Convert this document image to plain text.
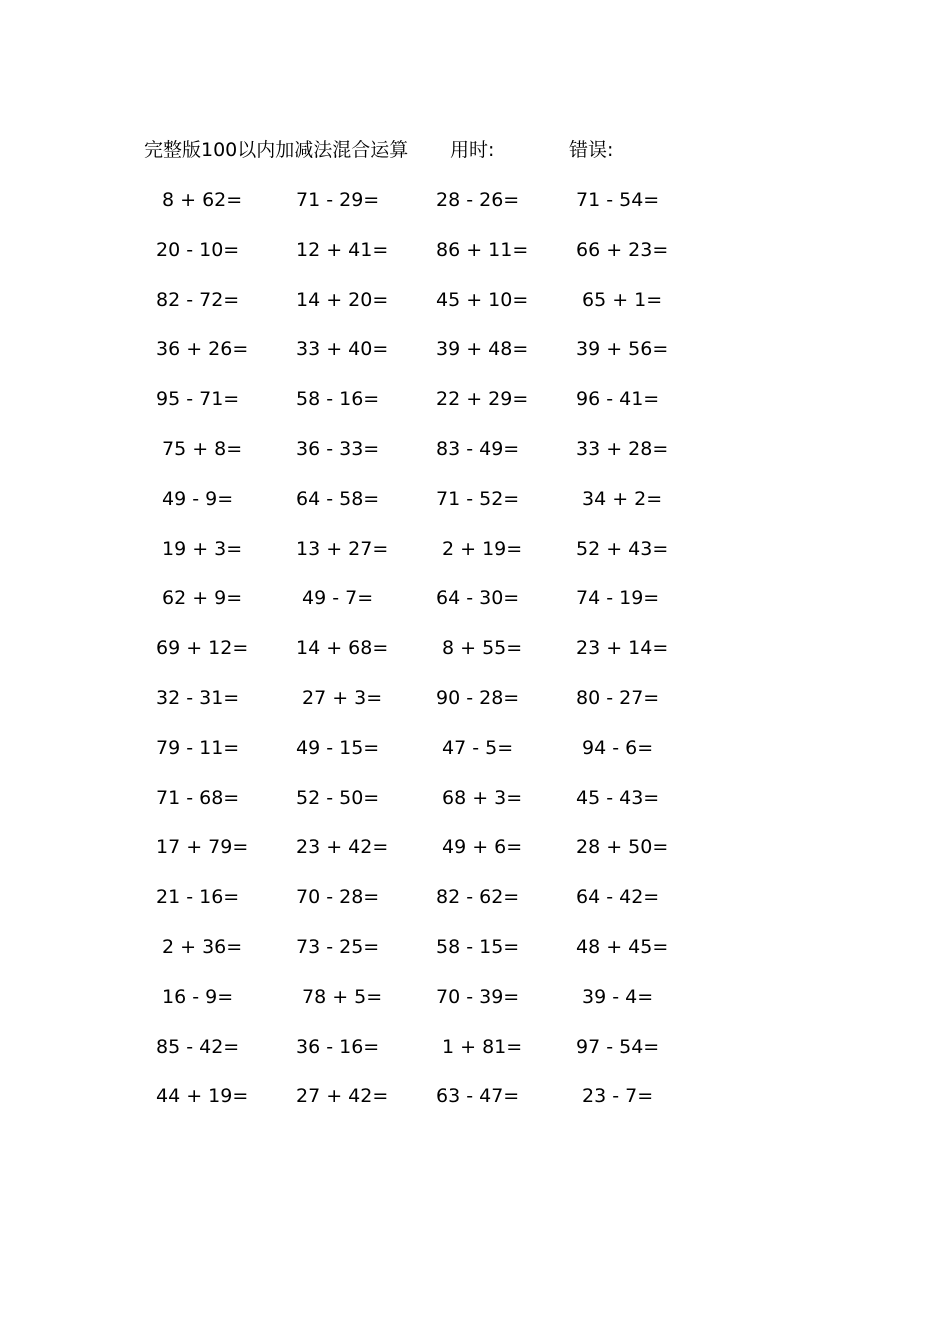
完整版100以内加减法混合运算 用时:	错误:
8 + 62=	71 - 29=	28 - 26=	71 - 54=
20 - 10=	12 + 41=	86 + 11=	66 + 23=
82 - 72=	14 + 20=	45 + 10=	65 + 1=
36 + 26=	33 + 40=	39 + 48=	39 + 56=
95 - 71=	58 - 16=	22 + 29=	96 - 41=
75 + 8=	36 - 33=	83 - 49=	33 + 28=
49 - 9=	64 - 58=	71 - 52=	34 + 2=
19 + 3=	13 + 27=	2 + 19=	52 + 43=
62 + 9=	49 - 7=	64 - 30=	74 - 19=
69 + 12=	14 + 68=	8 + 55=	23 + 14=
32 - 31=	27 + 3=	90 - 28=	80 - 27=
79 - 11=	49 - 15=	47 - 5=	94 - 6=
71 - 68=	52 - 50=	68 + 3=	45 - 43=
17 + 79=	23 + 42=	49 + 6=	28 + 50=
21 - 16=	70 - 28=	82 - 62=	64 - 42=
2 + 36=	73 - 25=	58 - 15=	48 + 45=
16 - 9=	78 + 5=	70 - 39=	39 - 4=
85 - 42=	36 - 16=	1 + 81=	97 - 54=
44 + 19=	27 + 42=	63 - 47=	23 - 7=
